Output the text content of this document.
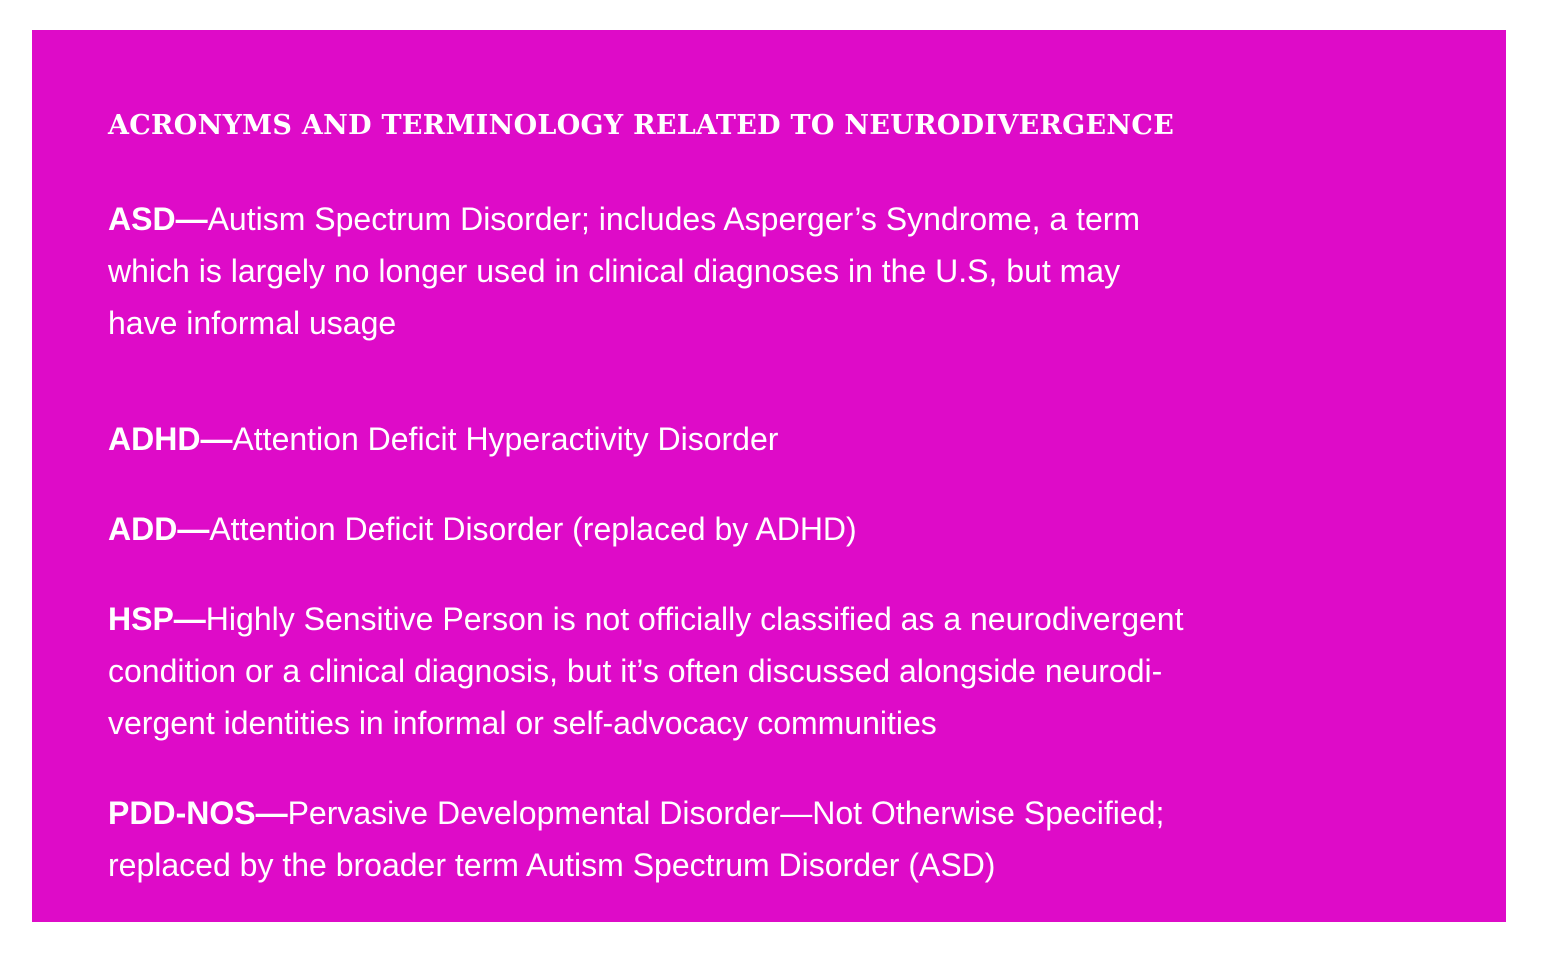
ACRONYMS AND TERMINOLOGY RELATED TO NEURODIVERGENCE

ASD—Autism Spectrum Disorder; includes Asperger’s Syndrome, a term
which is largely no longer used in clinical diagnoses in the U.S, but may
have informal usage

ADHD—Attention Deficit Hyperactivity Disorder

ADD—Attention Deficit Disorder (replaced by ADHD)

HSP—Highly Sensitive Person is not officially classified as a neurodivergent
condition or a clinical diagnosis, but it’s often discussed alongside neurodi-
vergent identities in informal or self-advocacy communities

PDD-NOS—Pervasive Developmental Disorder—Not Otherwise Specified;
replaced by the broader term Autism Spectrum Disorder (ASD)
